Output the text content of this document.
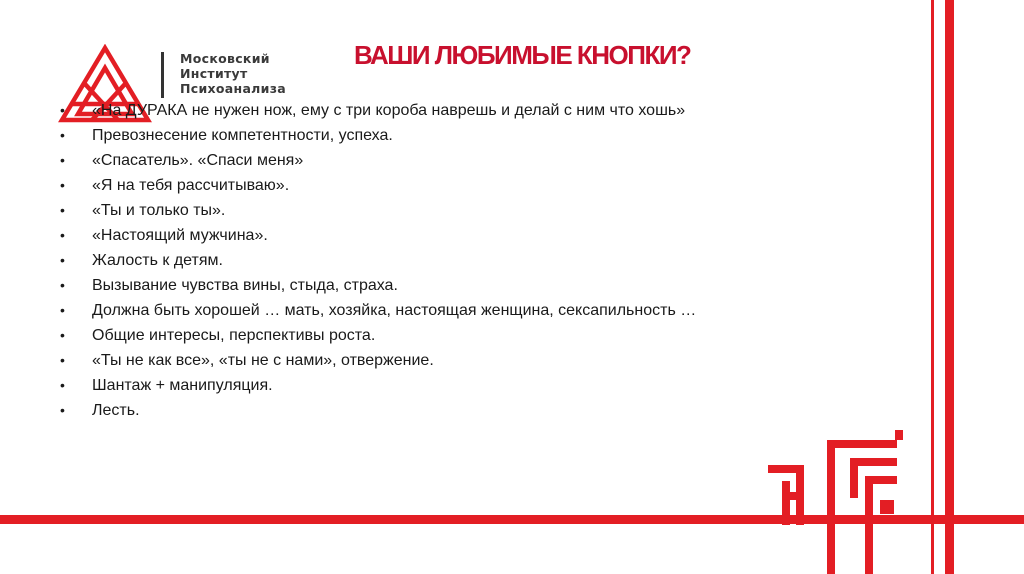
Московский
Институт
Психоанализа
ВАШИ ЛЮБИМЫЕ КНОПКИ?
• «На ДУРАКА не нужен нож, ему с три короба наврешь и делай с ним что хошь»
• Превознесение компетентности, успеха.
• «Спасатель». «Спаси меня»
• «Я на тебя рассчитываю».
• «Ты и только ты».
• «Настоящий мужчина».
• Жалость к детям.
• Вызывание чувства вины, стыда, страха.
• Должна быть хорошей … мать, хозяйка, настоящая женщина, сексапильность …
• Общие интересы, перспективы роста.
• «Ты не как все», «ты не с нами», отвержение.
• Шантаж + манипуляция.
• Лесть.
